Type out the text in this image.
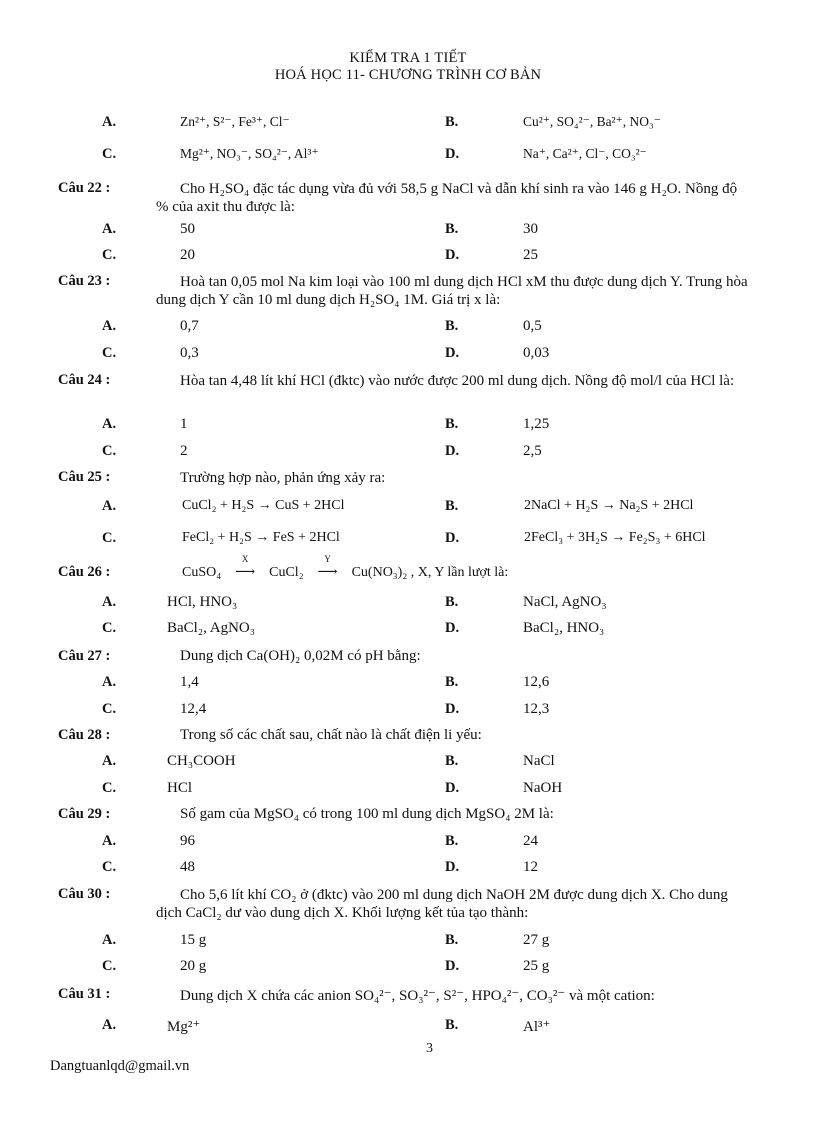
KIỂM TRA 1 TIẾT
HOÁ HỌC 11- CHƯƠNG TRÌNH CƠ BẢN
A.	Zn²⁺, S²⁻, Fe³⁺, Cl⁻	B.	Cu²⁺, SO₄²⁻, Ba²⁺, NO₃⁻
C.	Mg²⁺, NO₃⁻, SO₄²⁻, Al³⁺	D.	Na⁺, Ca²⁺, Cl⁻, CO₃²⁻
Câu 22 :	Cho H₂SO₄ đặc tác dụng vừa đủ với 58,5 g NaCl và dẫn khí sinh ra vào 146 g H₂O. Nồng độ % của axit thu được là:
A.	50	B.	30
C.	20	D.	25
Câu 23 :	Hoà tan 0,05 mol Na kim loại vào 100 ml dung dịch HCl xM thu được dung dịch Y. Trung hòa dung dịch Y cần 10 ml dung dịch H₂SO₄ 1M. Giá trị x là:
A.	0,7	B.	0,5
C.	0,3	D.	0,03
Câu 24 :	Hòa tan 4,48 lít khí HCl (đktc) vào nước được 200 ml dung dịch. Nồng độ mol/l của HCl là:
A.	1	B.	1,25
C.	2	D.	2,5
Câu 25 :	Trường hợp nào, phản ứng xảy ra:
A.	CuCl₂ + H₂S → CuS + 2HCl	B.	2NaCl + H₂S → Na₂S + 2HCl
C.	FeCl₂ + H₂S → FeS + 2HCl	D.	2FeCl₃ + 3H₂S → Fe₂S₃ + 6HCl
Câu 26 :	CuSO₄
X
⟶ CuCl₂
Y
⟶ Cu(NO₃)₂ , X, Y lần lượt là:
A.	HCl, HNO₃	B.	NaCl, AgNO₃
C.	BaCl₂, AgNO₃	D.	BaCl₂, HNO₃
Câu 27 :	Dung dịch Ca(OH)₂ 0,02M có pH bằng:
A.	1,4	B.	12,6
C.	12,4	D.	12,3
Câu 28 :	Trong số các chất sau, chất nào là chất điện li yếu:
A.	CH₃COOH	B.	NaCl
C.	HCl	D.	NaOH
Câu 29 :	Số gam của MgSO₄ có trong 100 ml dung dịch MgSO₄ 2M là:
A.	96	B.	24
C.	48	D.	12
Câu 30 :	Cho 5,6 lít khí CO₂ ở (đktc) vào 200 ml dung dịch NaOH 2M được dung dịch X. Cho dung dịch CaCl₂ dư vào dung dịch X. Khối lượng kết tủa tạo thành:
A.	15 g	B.	27 g
C.	20 g	D.	25 g
Câu 31 :	Dung dịch X chứa các anion SO₄²⁻, SO₃²⁻, S²⁻, HPO₄²⁻, CO₃²⁻ và một cation:
A.	Mg²⁺	B.	Al³⁺
3
Dangtuanlqd@gmail.vn
